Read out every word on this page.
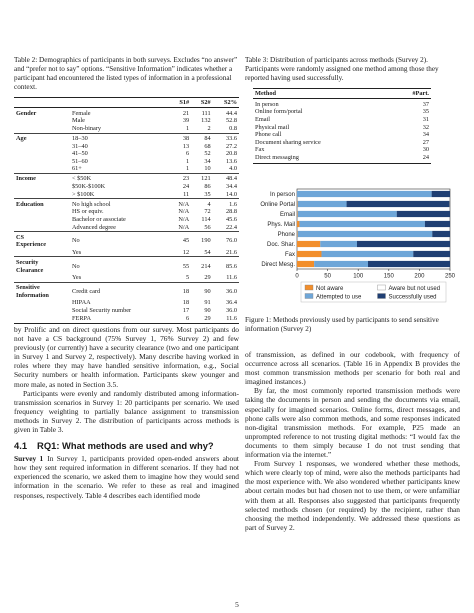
Table 2: Demographics of participants in both surveys. Excludes “no answer” and “prefer not to say” options. “Sensitive Information” indicates whether a participant had encountered the listed types of information in a professional context.

		S1#	S2#	S2%
Gender	Female	21	111	44.4
	Male	39	132	52.8
	Non-binary	1	2	0.8
Age	18–30	38	84	33.6
	31–40	13	68	27.2
	41–50	6	52	20.8
	51–60	1	34	13.6
	61+	1	10	4.0
Income	< $50K	23	121	48.4
	$50K-$100K	24	86	34.4
	> $100K	11	35	14.0
Education	No high school	N/A	4	1.6
	HS or equiv.	N/A	72	28.8
	Bachelor or associate	N/A	114	45.6
	Advanced degree	N/A	56	22.4
CS
Experience	No	45	190	76.0
	Yes	12	54	21.6
Security
Clearance	No	55	214	85.6
	Yes	5	29	11.6
Sensitive
Information	Credit card	18	90	36.0
	HIPAA	18	91	36.4
	Social Security number	17	90	36.0
	FERPA	6	29	11.6

Table 3: Distribution of participants across methods (Survey 2). Participants were randomly assigned one method among those they reported having used successfully.

Method	#Part.
In person	37
Online form/portal	35
Email	31
Physical mail	32
Phone call	34
Document sharing service	27
Fax	30
Direct messaging	24
In person
Online Portal
Email
Phys. Mail
Phone
Doc. Shar.
Fax
Direct Mesg.
0	50	100	150	200	250
Not aware	Aware but not used
Attempted to use	Successfully used

Figure 1: Methods previously used by participants to send sensitive information (Survey 2)

by Prolific and on direct questions from our survey. Most participants do not have a CS background (75% Survey 1, 76% Survey 2) and few previously (or currently) have a security clearance (two and one participant in Survey 1 and Survey 2, respectively). Many describe having worked in roles where they may have handled sensitive information, e.g., Social Security numbers or health information. Participants skew younger and more male, as noted in Section 3.5.

Participants were evenly and randomly distributed among information-transmission scenarios in Survey 1: 20 participants per scenario. We used frequency weighting to partially balance assignment to transmission methods in Survey 2. The distribution of participants across methods is given in Table 3.

4.1 RQ1: What methods are used and why?

Survey 1 In Survey 1, participants provided open-ended answers about how they sent required information in different scenarios. If they had not experienced the scenario, we asked them to imagine how they would send information in the scenario. We refer to these as real and imagined responses, respectively. Table 4 describes each identified mode

of transmission, as defined in our codebook, with frequency of occurrence across all scenarios. (Table 16 in Appendix B provides the most common transmission methods per scenario for both real and imagined instances.)

By far, the most commonly reported transmission methods were taking the documents in person and sending the documents via email, especially for imagined scenarios. Online forms, direct messages, and phone calls were also common methods, and some responses indicated non-digital transmission methods. For example, P25 made an unprompted reference to not trusting digital methods: “I would fax the documents to them simply because I do not trust sending that information via the internet.”

From Survey 1 responses, we wondered whether these methods, which were clearly top of mind, were also the methods participants had the most experience with. We also wondered whether participants knew about certain modes but had chosen not to use them, or were unfamiliar with them at all. Responses also suggested that participants frequently selected methods chosen (or required) by the recipient, rather than choosing the method independently. We addressed these questions as part of Survey 2.

5
